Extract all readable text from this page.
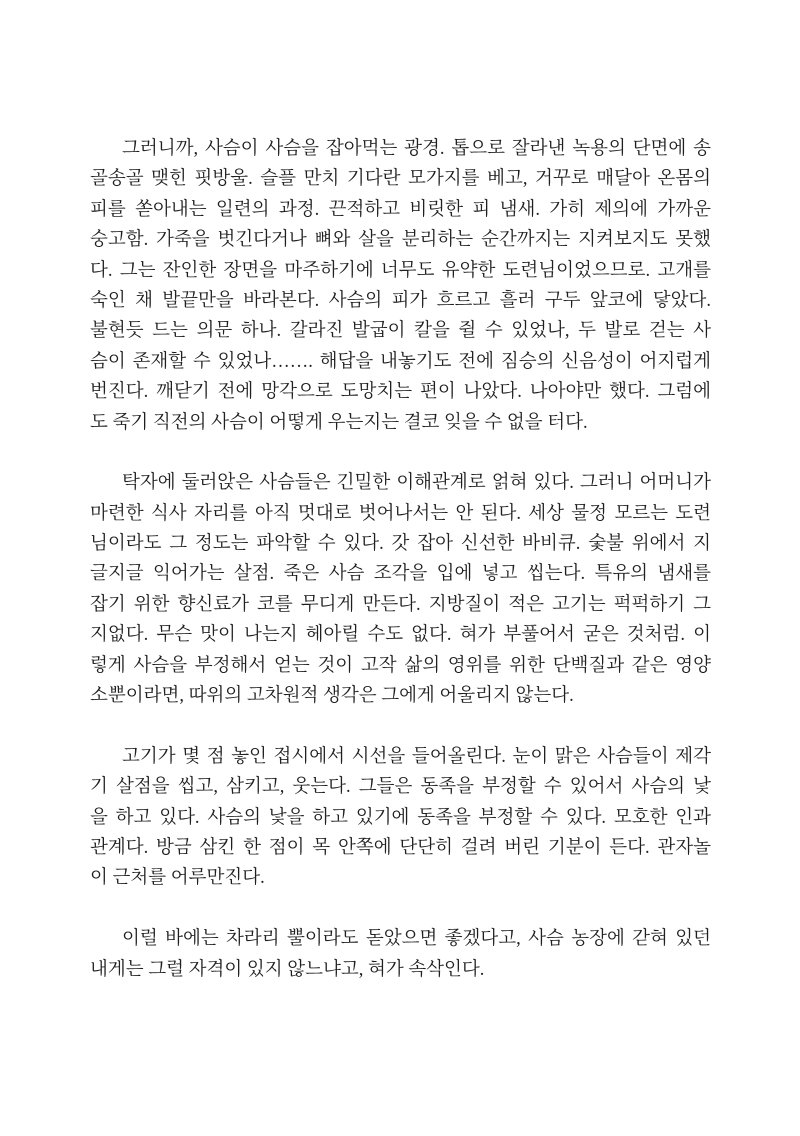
그러니까, 사슴이 사슴을 잡아먹는 광경. 톱으로 잘라낸 녹용의 단면에 송
골송골 맺힌 핏방울. 슬플 만치 기다란 모가지를 베고, 거꾸로 매달아 온몸의
피를 쏟아내는 일련의 과정. 끈적하고 비릿한 피 냄새. 가히 제의에 가까운
숭고함. 가죽을 벗긴다거나 뼈와 살을 분리하는 순간까지는 지켜보지도 못했
다. 그는 잔인한 장면을 마주하기에 너무도 유약한 도련님이었으므로. 고개를
숙인 채 발끝만을 바라본다. 사슴의 피가 흐르고 흘러 구두 앞코에 닿았다.
불현듯 드는 의문 하나. 갈라진 발굽이 칼을 쥘 수 있었나, 두 발로 걷는 사
슴이 존재할 수 있었나……. 해답을 내놓기도 전에 짐승의 신음성이 어지럽게
번진다. 깨닫기 전에 망각으로 도망치는 편이 나았다. 나아야만 했다. 그럼에
도 죽기 직전의 사슴이 어떻게 우는지는 결코 잊을 수 없을 터다.

탁자에 둘러앉은 사슴들은 긴밀한 이해관계로 얽혀 있다. 그러니 어머니가
마련한 식사 자리를 아직 멋대로 벗어나서는 안 된다. 세상 물정 모르는 도련
님이라도 그 정도는 파악할 수 있다. 갓 잡아 신선한 바비큐. 숯불 위에서 지
글지글 익어가는 살점. 죽은 사슴 조각을 입에 넣고 씹는다. 특유의 냄새를
잡기 위한 향신료가 코를 무디게 만든다. 지방질이 적은 고기는 퍽퍽하기 그
지없다. 무슨 맛이 나는지 헤아릴 수도 없다. 혀가 부풀어서 굳은 것처럼. 이
렇게 사슴을 부정해서 얻는 것이 고작 삶의 영위를 위한 단백질과 같은 영양
소뿐이라면, 따위의 고차원적 생각은 그에게 어울리지 않는다.

고기가 몇 점 놓인 접시에서 시선을 들어올린다. 눈이 맑은 사슴들이 제각
기 살점을 씹고, 삼키고, 웃는다. 그들은 동족을 부정할 수 있어서 사슴의 낯
을 하고 있다. 사슴의 낯을 하고 있기에 동족을 부정할 수 있다. 모호한 인과
관계다. 방금 삼킨 한 점이 목 안쪽에 단단히 걸려 버린 기분이 든다. 관자놀
이 근처를 어루만진다.

이럴 바에는 차라리 뿔이라도 돋았으면 좋겠다고, 사슴 농장에 갇혀 있던
내게는 그럴 자격이 있지 않느냐고, 혀가 속삭인다.
